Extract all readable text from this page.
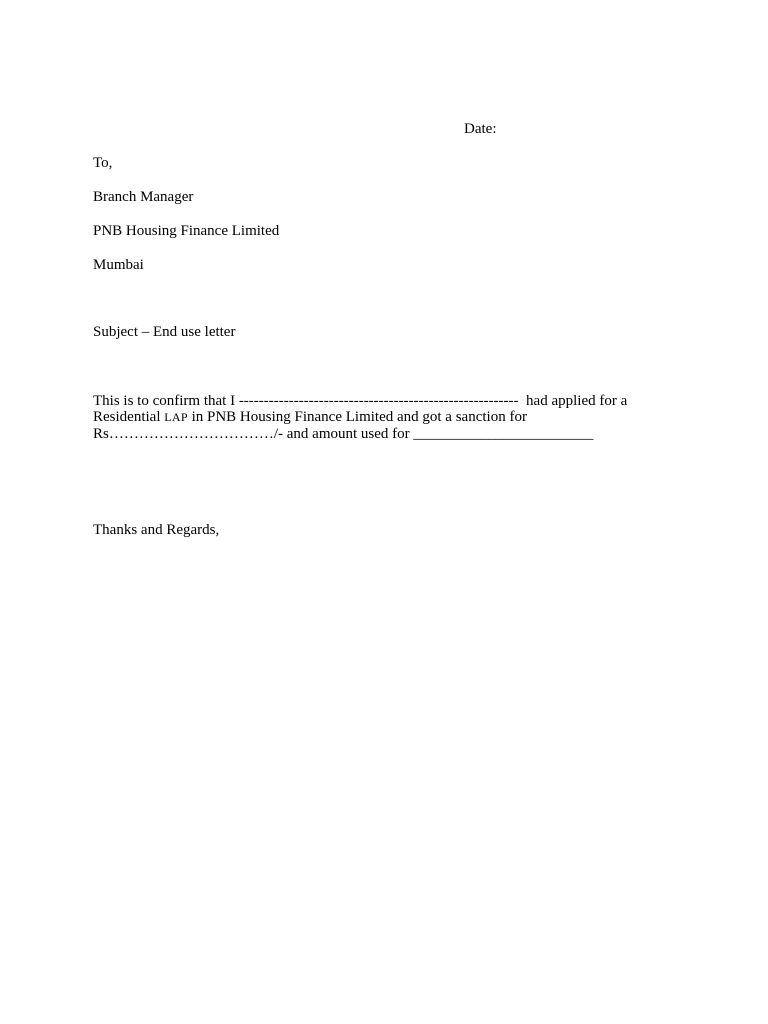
Date:
To,
Branch Manager
PNB Housing Finance Limited
Mumbai
Subject – End use letter
This is to confirm that I -------------------------------------------------------- had applied for a
Residential LAP in PNB Housing Finance Limited and got a sanction for
Rs……………………………/- and amount used for ________________________
Thanks and Regards,
